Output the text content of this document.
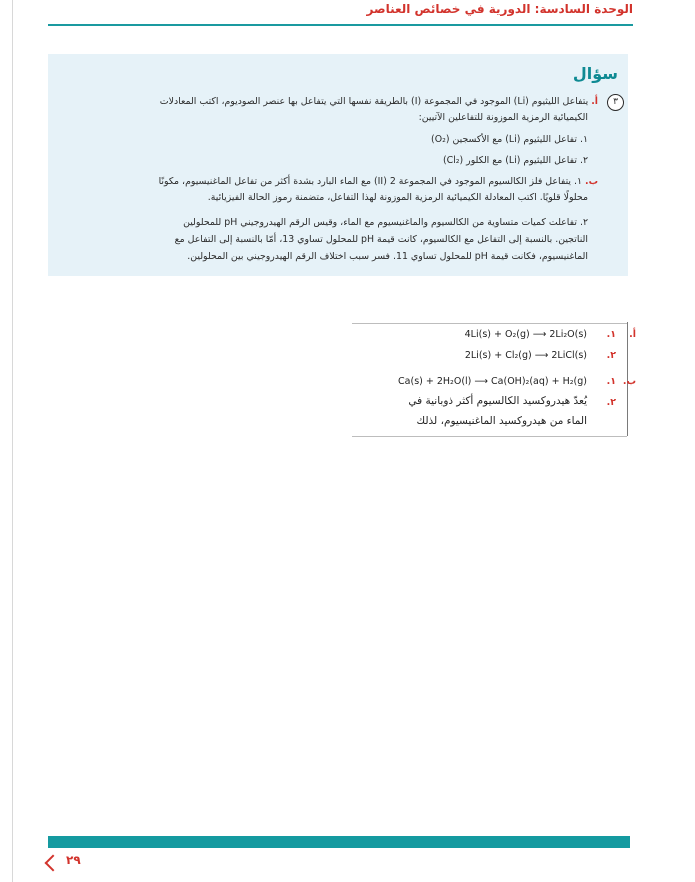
الوحدة السادسة: الدورية في خصائص العناصر
سؤال
٣
أ. يتفاعل الليثيوم (Li) الموجود في المجموعة (I) بالطريقة نفسها التي يتفاعل بها عنصر الصوديوم، اكتب المعادلات
الكيميائية الرمزية الموزونة للتفاعلين الآتيين:
١. تفاعل الليثيوم (Li) مع الأكسجين (O₂)
٢. تفاعل الليثيوم (Li) مع الكلور (Cl₂)
ب. ١. يتفاعل فلز الكالسيوم الموجود في المجموعة 2 (II) مع الماء البارد بشدة أكثر من تفاعل الماغنيسيوم، مكونًا
محلولًا قلويًا. اكتب المعادلة الكيميائية الرمزية الموزونة لهذا التفاعل، متضمنة رموز الحالة الفيزيائية.
٢. تفاعلت كميات متساوية من الكالسيوم والماغنيسيوم مع الماء، وقيس الرقم الهيدروجيني pH للمحلولين
الناتجين. بالنسبة إلى التفاعل مع الكالسيوم، كانت قيمة pH للمحلول تساوي 13، أمّا بالنسبة إلى التفاعل مع
الماغنيسيوم، فكانت قيمة pH للمحلول تساوي 11. فسر سبب اختلاف الرقم الهيدروجيني بين المحلولين.
أ.
١.
4Li(s) + O₂(g) ⟶ 2Li₂O(s)
٢.
2Li(s) + Cl₂(g) ⟶ 2LiCl(s)
ب.
١.
Ca(s) + 2H₂O(l) ⟶ Ca(OH)₂(aq) + H₂(g)
٢.
يُعدّ هيدروكسيد الكالسيوم أكثر ذوبانية في
الماء من هيدروكسيد الماغنيسيوم، لذلك
٢٩
